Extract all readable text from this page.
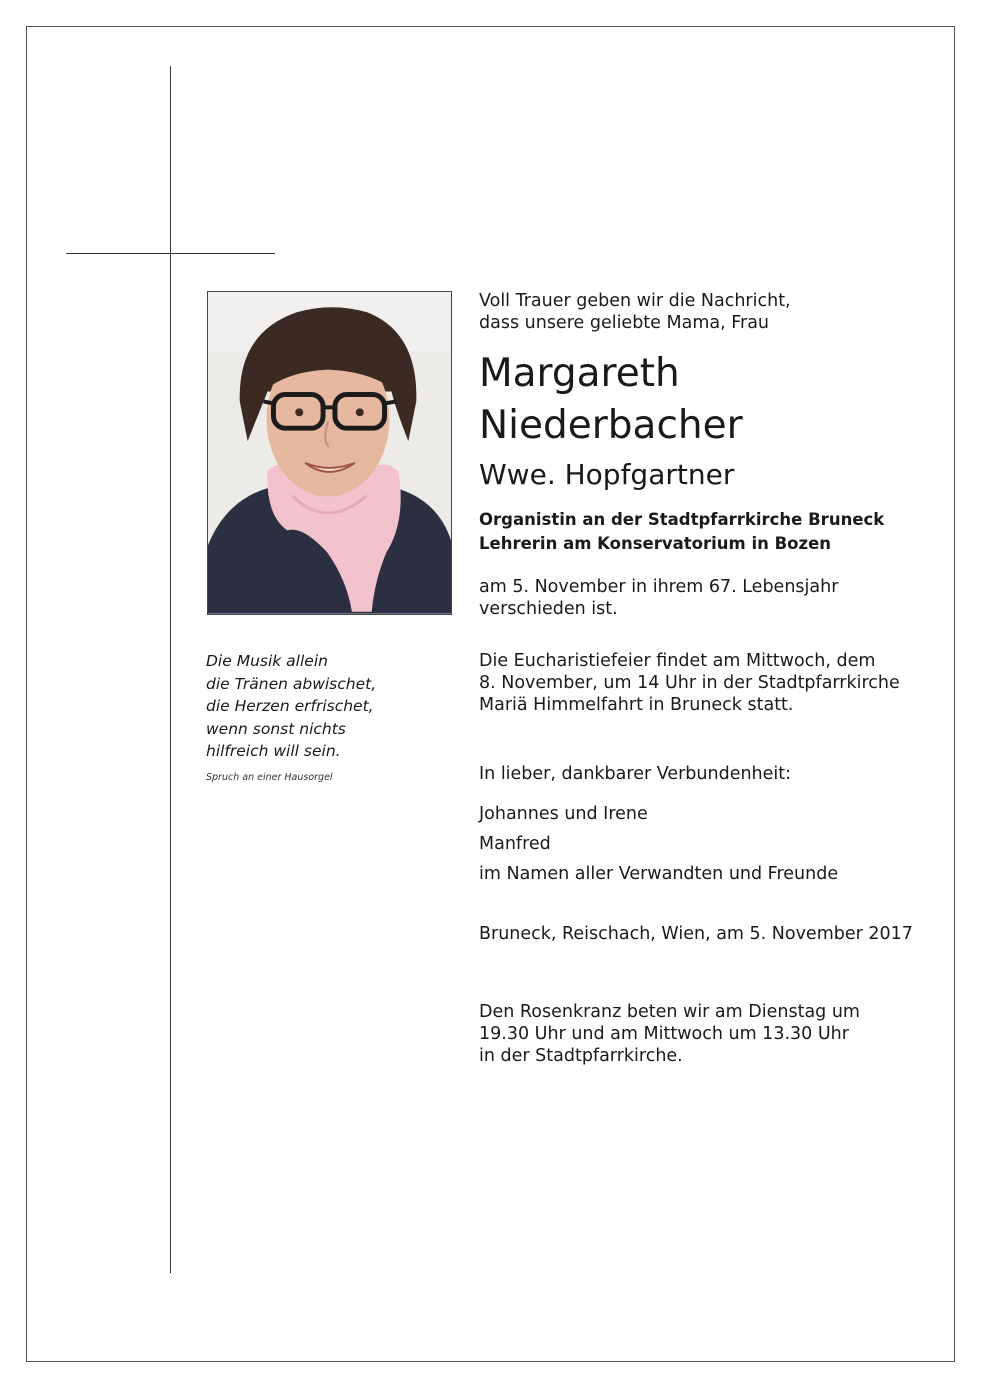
Die Musik allein
die Tränen abwischet,
die Herzen erfrischet,
wenn sonst nichts
hilfreich will sein.
Spruch an einer Hausorgel
Voll Trauer geben wir die Nachricht,
dass unsere geliebte Mama, Frau
Margareth
Niederbacher
Wwe. Hopfgartner
Organistin an der Stadtpfarrkirche Bruneck
Lehrerin am Konservatorium in Bozen
am 5. November in ihrem 67. Lebensjahr
verschieden ist.
Die Eucharistiefeier findet am Mittwoch, dem
8. November, um 14 Uhr in der Stadtpfarrkirche
Mariä Himmelfahrt in Bruneck statt.
In lieber, dankbarer Verbundenheit:
Johannes und Irene
Manfred
im Namen aller Verwandten und Freunde
Bruneck, Reischach, Wien, am 5. November 2017
Den Rosenkranz beten wir am Dienstag um
19.30 Uhr und am Mittwoch um 13.30 Uhr
in der Stadtpfarrkirche.
